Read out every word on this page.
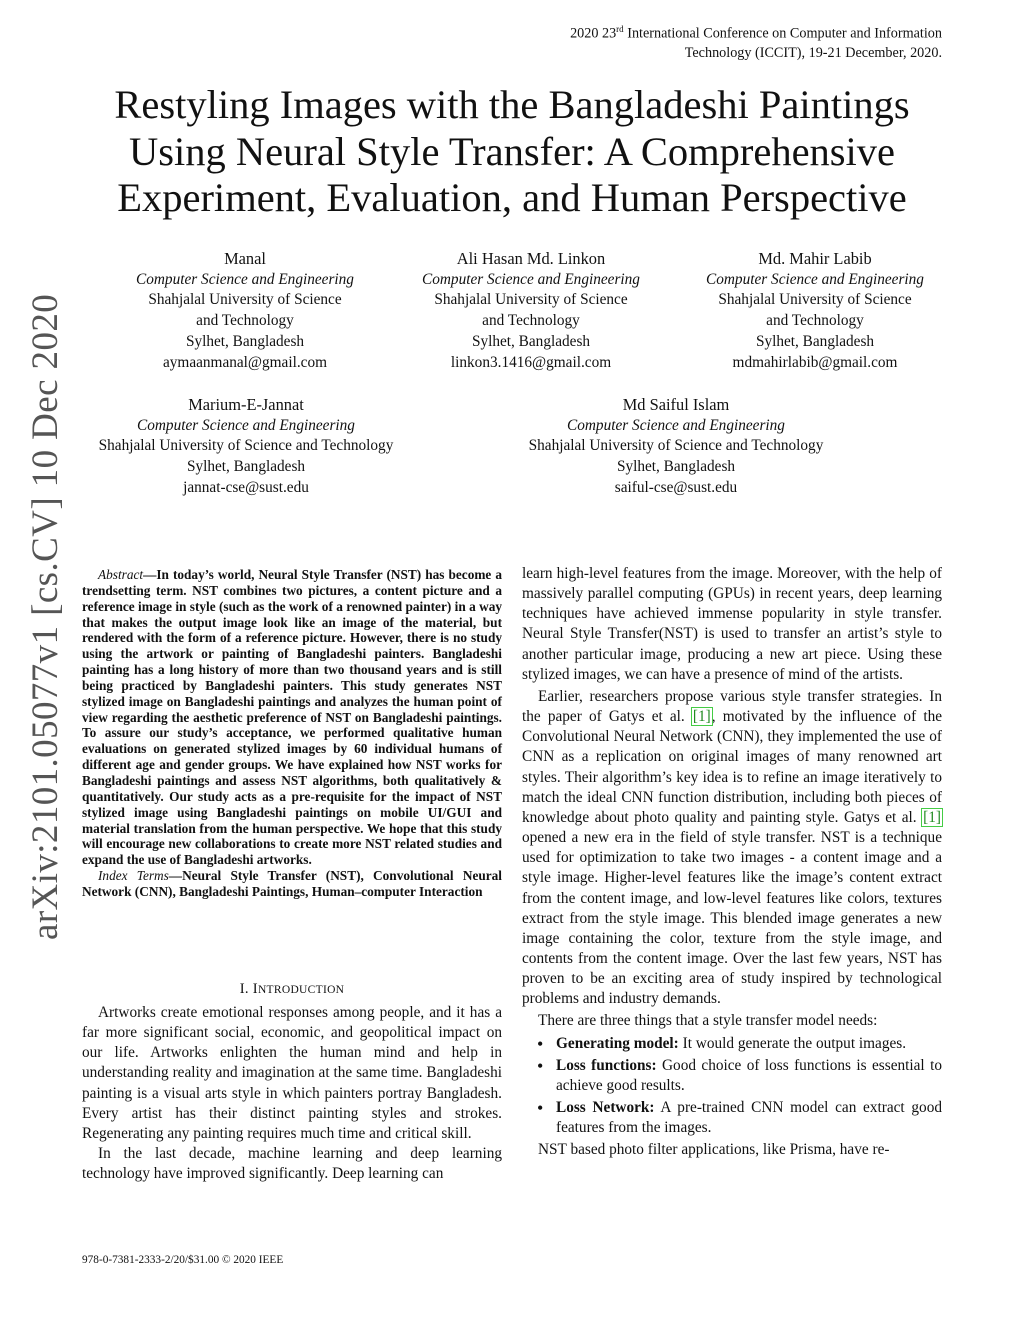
2020 23rd International Conference on Computer and Information
Technology (ICCIT), 19-21 December, 2020.
arXiv:2101.05077v1 [cs.CV] 10 Dec 2020
Restyling Images with the Bangladeshi Paintings
Using Neural Style Transfer: A Comprehensive
Experiment, Evaluation, and Human Perspective
Manal
Computer Science and Engineering
Shahjalal University of Science
and Technology
Sylhet, Bangladesh
aymaanmanal@gmail.com
Ali Hasan Md. Linkon
Computer Science and Engineering
Shahjalal University of Science
and Technology
Sylhet, Bangladesh
linkon3.1416@gmail.com
Md. Mahir Labib
Computer Science and Engineering
Shahjalal University of Science
and Technology
Sylhet, Bangladesh
mdmahirlabib@gmail.com
Marium-E-Jannat
Computer Science and Engineering
Shahjalal University of Science and Technology
Sylhet, Bangladesh
jannat-cse@sust.edu
Md Saiful Islam
Computer Science and Engineering
Shahjalal University of Science and Technology
Sylhet, Bangladesh
saiful-cse@sust.edu

Abstract—In today’s world, Neural Style Transfer (NST) has become a trendsetting term. NST combines two pictures, a content picture and a reference image in style (such as the work of a renowned painter) in a way that makes the output image look like an image of the material, but rendered with the form of a reference picture. However, there is no study using the artwork or painting of Bangladeshi painters. Bangladeshi painting has a long history of more than two thousand years and is still being practiced by Bangladeshi painters. This study generates NST stylized image on Bangladeshi paintings and analyzes the human point of view regarding the aesthetic preference of NST on Bangladeshi paintings. To assure our study’s acceptance, we performed qualitative human evaluations on generated stylized images by 60 individual humans of different age and gender groups. We have explained how NST works for Bangladeshi paintings and assess NST algorithms, both qualitatively & quantitatively. Our study acts as a pre-requisite for the impact of NST stylized image using Bangladeshi paintings on mobile UI/GUI and material translation from the human perspective. We hope that this study will encourage new collaborations to create more NST related studies and expand the use of Bangladeshi artworks.

Index Terms—Neural Style Transfer (NST), Convolutional Neural Network (CNN), Bangladeshi Paintings, Human–computer Interaction

I. INTRODUCTION

Artworks create emotional responses among people, and it has a far more significant social, economic, and geopolitical impact on our life. Artworks enlighten the human mind and help in understanding reality and imagination at the same time. Bangladeshi painting is a visual arts style in which painters portray Bangladesh. Every artist has their distinct painting styles and strokes. Regenerating any painting requires much time and critical skill.

In the last decade, machine learning and deep learning technology have improved significantly. Deep learning can

learn high-level features from the image. Moreover, with the help of massively parallel computing (GPUs) in recent years, deep learning techniques have achieved immense popularity in style transfer. Neural Style Transfer(NST) is used to transfer an artist’s style to another particular image, producing a new art piece. Using these stylized images, we can have a presence of mind of the artists.

Earlier, researchers propose various style transfer strategies. In the paper of Gatys et al. [1], motivated by the influence of the Convolutional Neural Network (CNN), they implemented the use of CNN as a replication on original images of many renowned art styles. Their algorithm’s key idea is to refine an image iteratively to match the ideal CNN function distribution, including both pieces of knowledge about photo quality and painting style. Gatys et al. [1] opened a new era in the field of style transfer. NST is a technique used for optimization to take two images - a content image and a style image. Higher-level features like the image’s content extract from the content image, and low-level features like colors, textures extract from the style image. This blended image generates a new image containing the color, texture from the style image, and contents from the content image. Over the last few years, NST has proven to be an exciting area of study inspired by technological problems and industry demands.

There are three things that a style transfer model needs:

• Generating model: It would generate the output images.
• Loss functions: Good choice of loss functions is essential to achieve good results.
• Loss Network: A pre-trained CNN model can extract good features from the images.

NST based photo filter applications, like Prisma, have re-

978-0-7381-2333-2/20/$31.00 © 2020 IEEE
